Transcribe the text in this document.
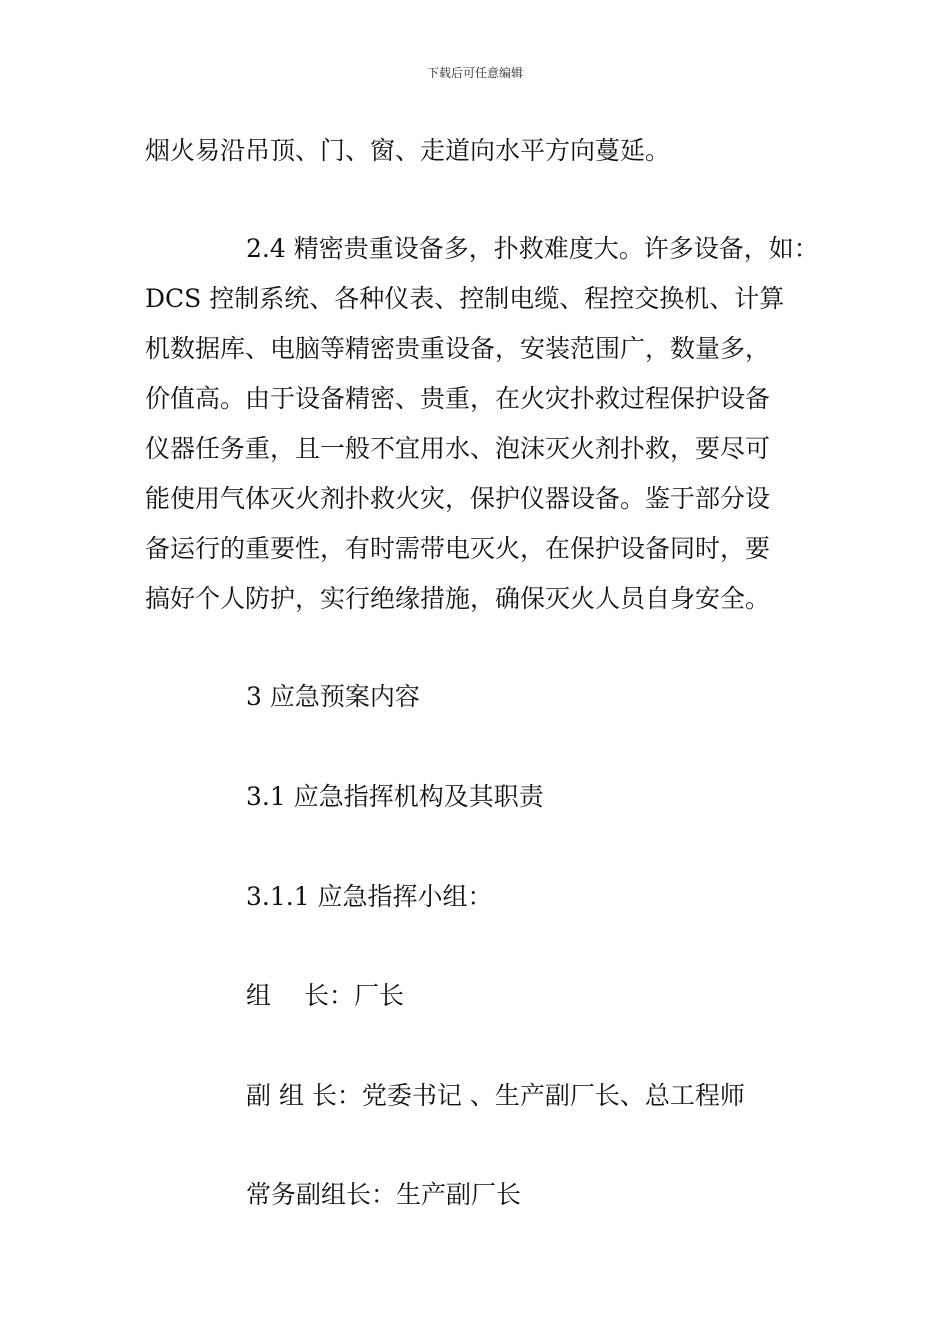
下载后可任意编辑
烟火易沿吊顶、门、窗、走道向水平方向蔓延。
2.4 精密贵重设备多，扑救难度大。许多设备，如：
DCS 控制系统、各种仪表、控制电缆、程控交换机、计算
机数据库、电脑等精密贵重设备，安装范围广，数量多，
价值高。由于设备精密、贵重，在火灾扑救过程保护设备
仪器任务重，且一般不宜用水、泡沫灭火剂扑救，要尽可
能使用气体灭火剂扑救火灾，保护仪器设备。鉴于部分设
备运行的重要性，有时需带电灭火，在保护设备同时，要
搞好个人防护，实行绝缘措施，确保灭火人员自身安全。
3 应急预案内容
3.1 应急指挥机构及其职责
3.1.1 应急指挥小组：
组　 长：厂长
副 组 长：党委书记 、生产副厂长、总工程师
常务副组长：生产副厂长
